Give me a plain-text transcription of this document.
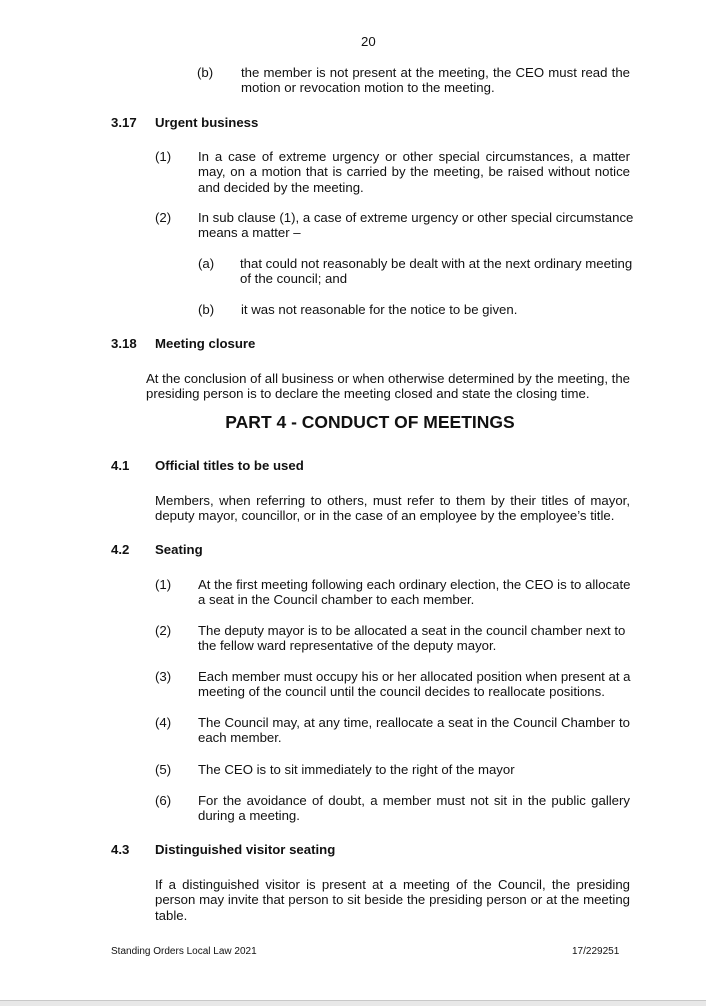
20
(b) the member is not present at the meeting, the CEO must read the motion or revocation motion to the meeting.
3.17 Urgent business
(1) In a case of extreme urgency or other special circumstances, a matter may, on a motion that is carried by the meeting, be raised without notice and decided by the meeting.
(2) In sub clause (1), a case of extreme urgency or other special circumstance means a matter –
(a) that could not reasonably be dealt with at the next ordinary meeting of the council; and
(b) it was not reasonable for the notice to be given.
3.18 Meeting closure
At the conclusion of all business or when otherwise determined by the meeting, the presiding person is to declare the meeting closed and state the closing time.
PART 4 - CONDUCT OF MEETINGS
4.1 Official titles to be used
Members, when referring to others, must refer to them by their titles of mayor, deputy mayor, councillor, or in the case of an employee by the employee’s title.
4.2 Seating
(1) At the first meeting following each ordinary election, the CEO is to allocate a seat in the Council chamber to each member.
(2) The deputy mayor is to be allocated a seat in the council chamber next to the fellow ward representative of the deputy mayor.
(3) Each member must occupy his or her allocated position when present at a meeting of the council until the council decides to reallocate positions.
(4) The Council may, at any time, reallocate a seat in the Council Chamber to each member.
(5) The CEO is to sit immediately to the right of the mayor
(6) For the avoidance of doubt, a member must not sit in the public gallery during a meeting.
4.3 Distinguished visitor seating
If a distinguished visitor is present at a meeting of the Council, the presiding person may invite that person to sit beside the presiding person or at the meeting table.
Standing Orders Local Law 2021	17/229251
